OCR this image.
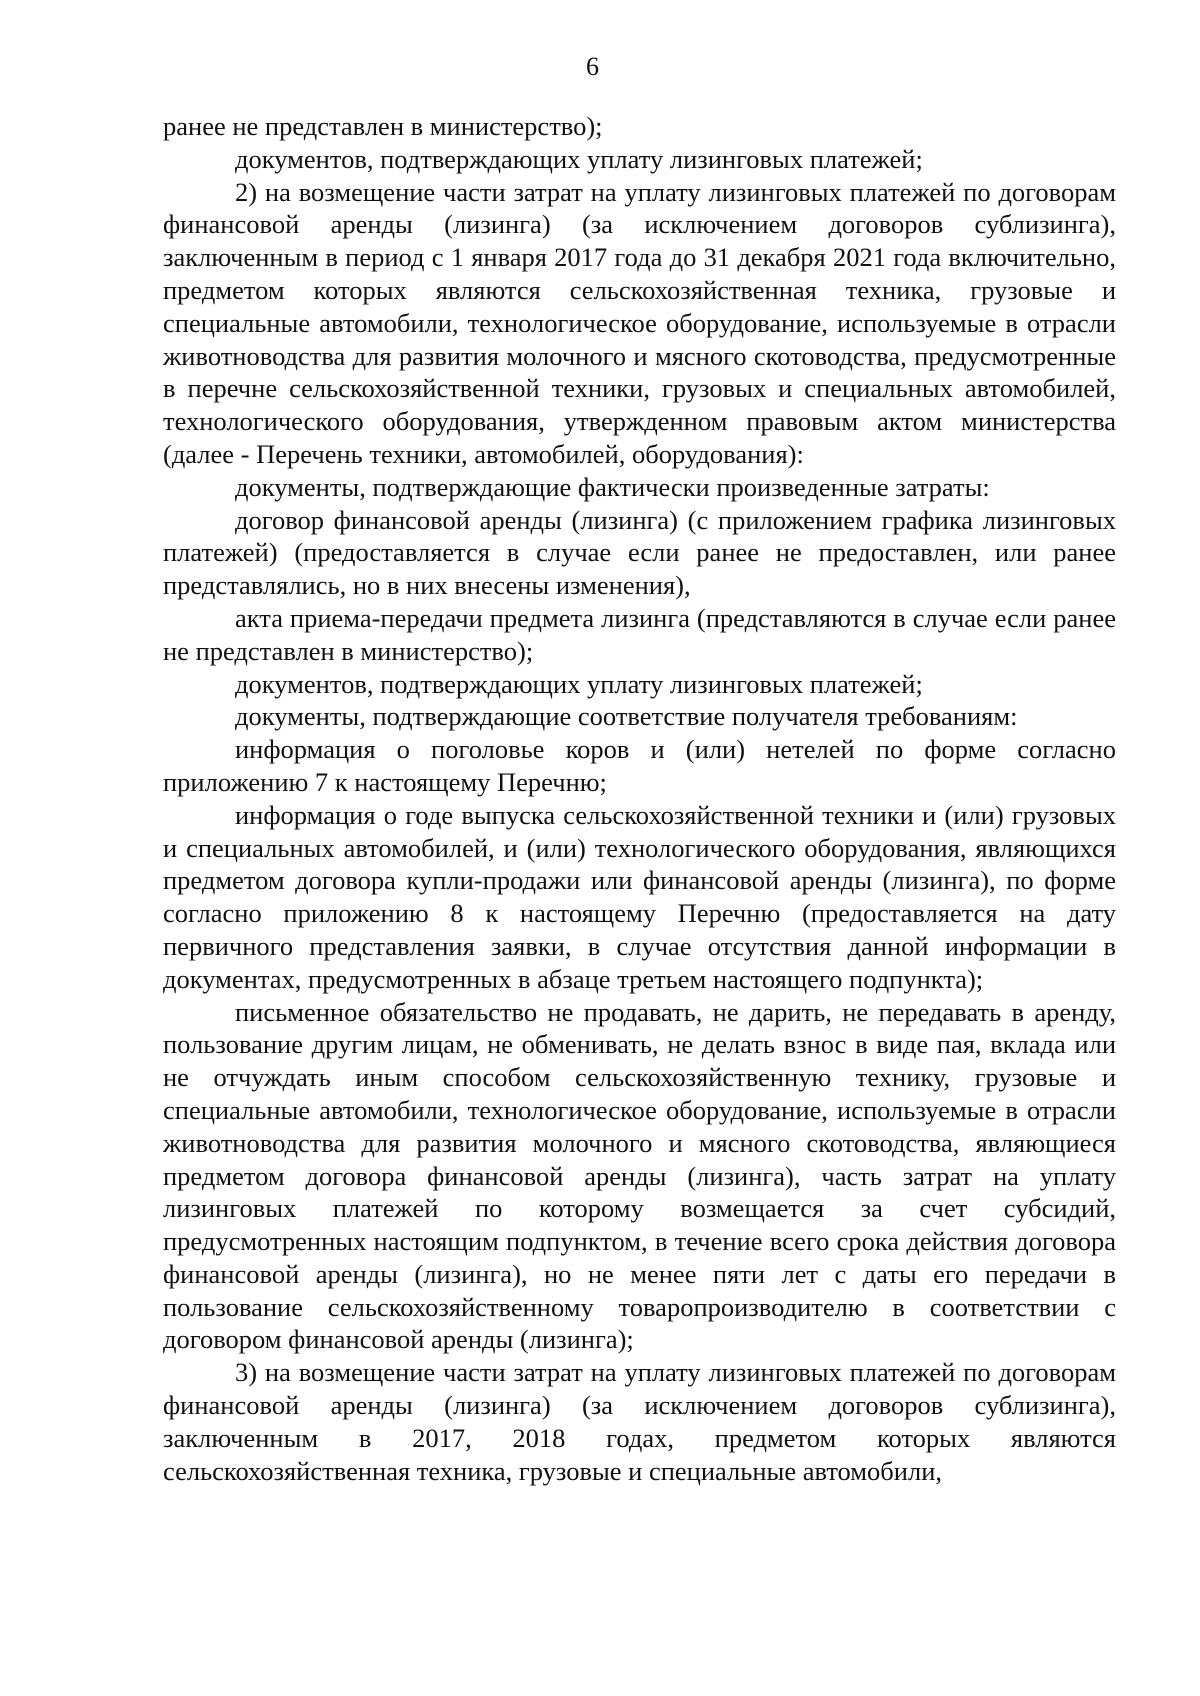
6

ранее не представлен в министерство);

документов, подтверждающих уплату лизинговых платежей;

2) на возмещение части затрат на уплату лизинговых платежей по договорам финансовой аренды (лизинга) (за исключением договоров сублизинга), заключенным в период с 1 января 2017 года до 31 декабря 2021 года включительно, предметом которых являются сельскохозяйственная техника, грузовые и специальные автомобили, технологическое оборудование, используемые в отрасли животноводства для развития молочного и мясного скотоводства, предусмотренные в перечне сельскохозяйственной техники, грузовых и специальных автомобилей, технологического оборудования, утвержденном правовым актом министерства (далее - Перечень техники, автомобилей, оборудования):

документы, подтверждающие фактически произведенные затраты:

договор финансовой аренды (лизинга) (с приложением графика лизинговых платежей) (предоставляется в случае если ранее не предоставлен, или ранее представлялись, но в них внесены изменения),

акта приема-передачи предмета лизинга (представляются в случае если ранее не представлен в министерство);

документов, подтверждающих уплату лизинговых платежей;

документы, подтверждающие соответствие получателя требованиям:

информация о поголовье коров и (или) нетелей по форме согласно приложению 7 к настоящему Перечню;

информация о годе выпуска сельскохозяйственной техники и (или) грузовых и специальных автомобилей, и (или) технологического оборудования, являющихся предметом договора купли-продажи или финансовой аренды (лизинга), по форме согласно приложению 8 к настоящему Перечню (предоставляется на дату первичного представления заявки, в случае отсутствия данной информации в документах, предусмотренных в абзаце третьем настоящего подпункта);

письменное обязательство не продавать, не дарить, не передавать в аренду, пользование другим лицам, не обменивать, не делать взнос в виде пая, вклада или не отчуждать иным способом сельскохозяйственную технику, грузовые и специальные автомобили, технологическое оборудование, используемые в отрасли животноводства для развития молочного и мясного скотоводства, являющиеся предметом договора финансовой аренды (лизинга), часть затрат на уплату лизинговых платежей по которому возмещается за счет субсидий, предусмотренных настоящим подпунктом, в течение всего срока действия договора финансовой аренды (лизинга), но не менее пяти лет с даты его передачи в пользование сельскохозяйственному товаропроизводителю в соответствии с договором финансовой аренды (лизинга);

3) на возмещение части затрат на уплату лизинговых платежей по договорам финансовой аренды (лизинга) (за исключением договоров сублизинга), заключенным в 2017, 2018 годах, предметом которых являются сельскохозяйственная техника, грузовые и специальные автомобили,
